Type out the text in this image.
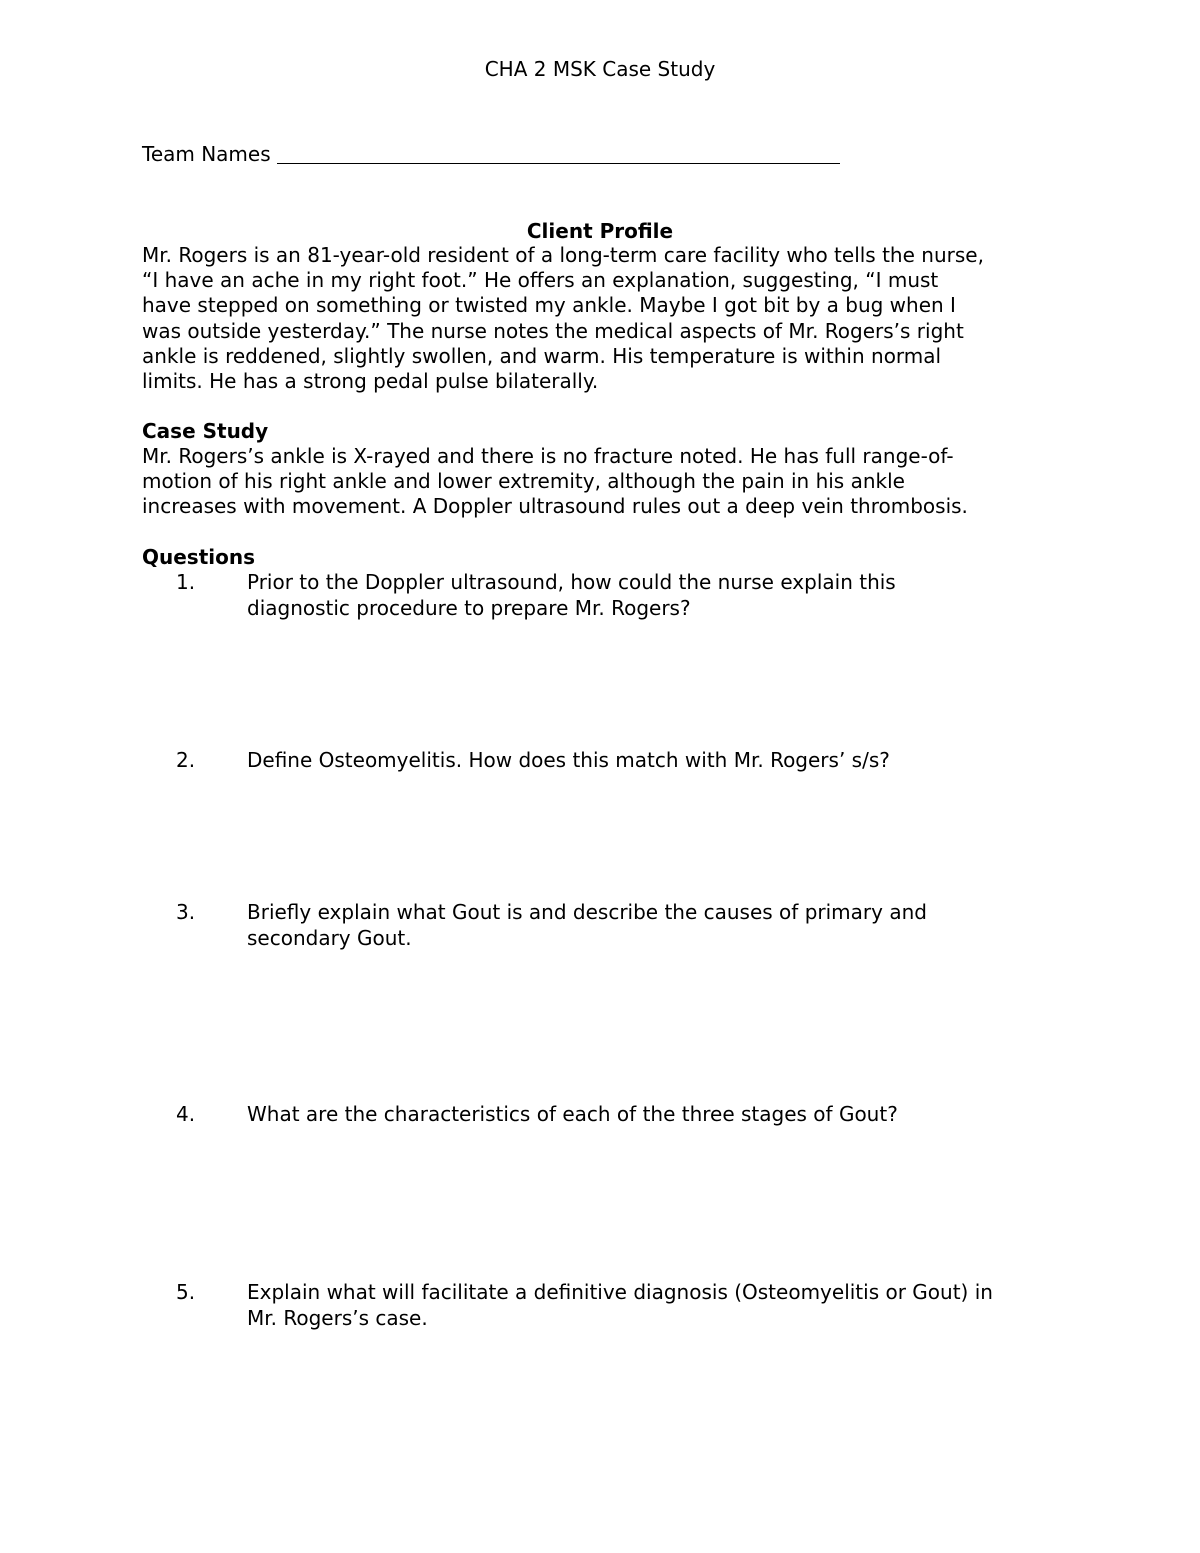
CHA 2 MSK Case Study
Team Names
Client Profile
Mr. Rogers is an 81-year-old resident of a long-term care facility who tells the nurse,
“I have an ache in my right foot.” He offers an explanation, suggesting, “I must
have stepped on something or twisted my ankle. Maybe I got bit by a bug when I
was outside yesterday.” The nurse notes the medical aspects of Mr. Rogers’s right
ankle is reddened, slightly swollen, and warm. His temperature is within normal
limits. He has a strong pedal pulse bilaterally.
Case Study
Mr. Rogers’s ankle is X-rayed and there is no fracture noted. He has full range-of-
motion of his right ankle and lower extremity, although the pain in his ankle
increases with movement. A Doppler ultrasound rules out a deep vein thrombosis.
Questions
1.	Prior to the Doppler ultrasound, how could the nurse explain this
diagnostic procedure to prepare Mr. Rogers?
2.	Define Osteomyelitis. How does this match with Mr. Rogers’ s/s?
3.	Briefly explain what Gout is and describe the causes of primary and
secondary Gout.
4.	What are the characteristics of each of the three stages of Gout?
5.	Explain what will facilitate a definitive diagnosis (Osteomyelitis or Gout) in
Mr. Rogers’s case.
